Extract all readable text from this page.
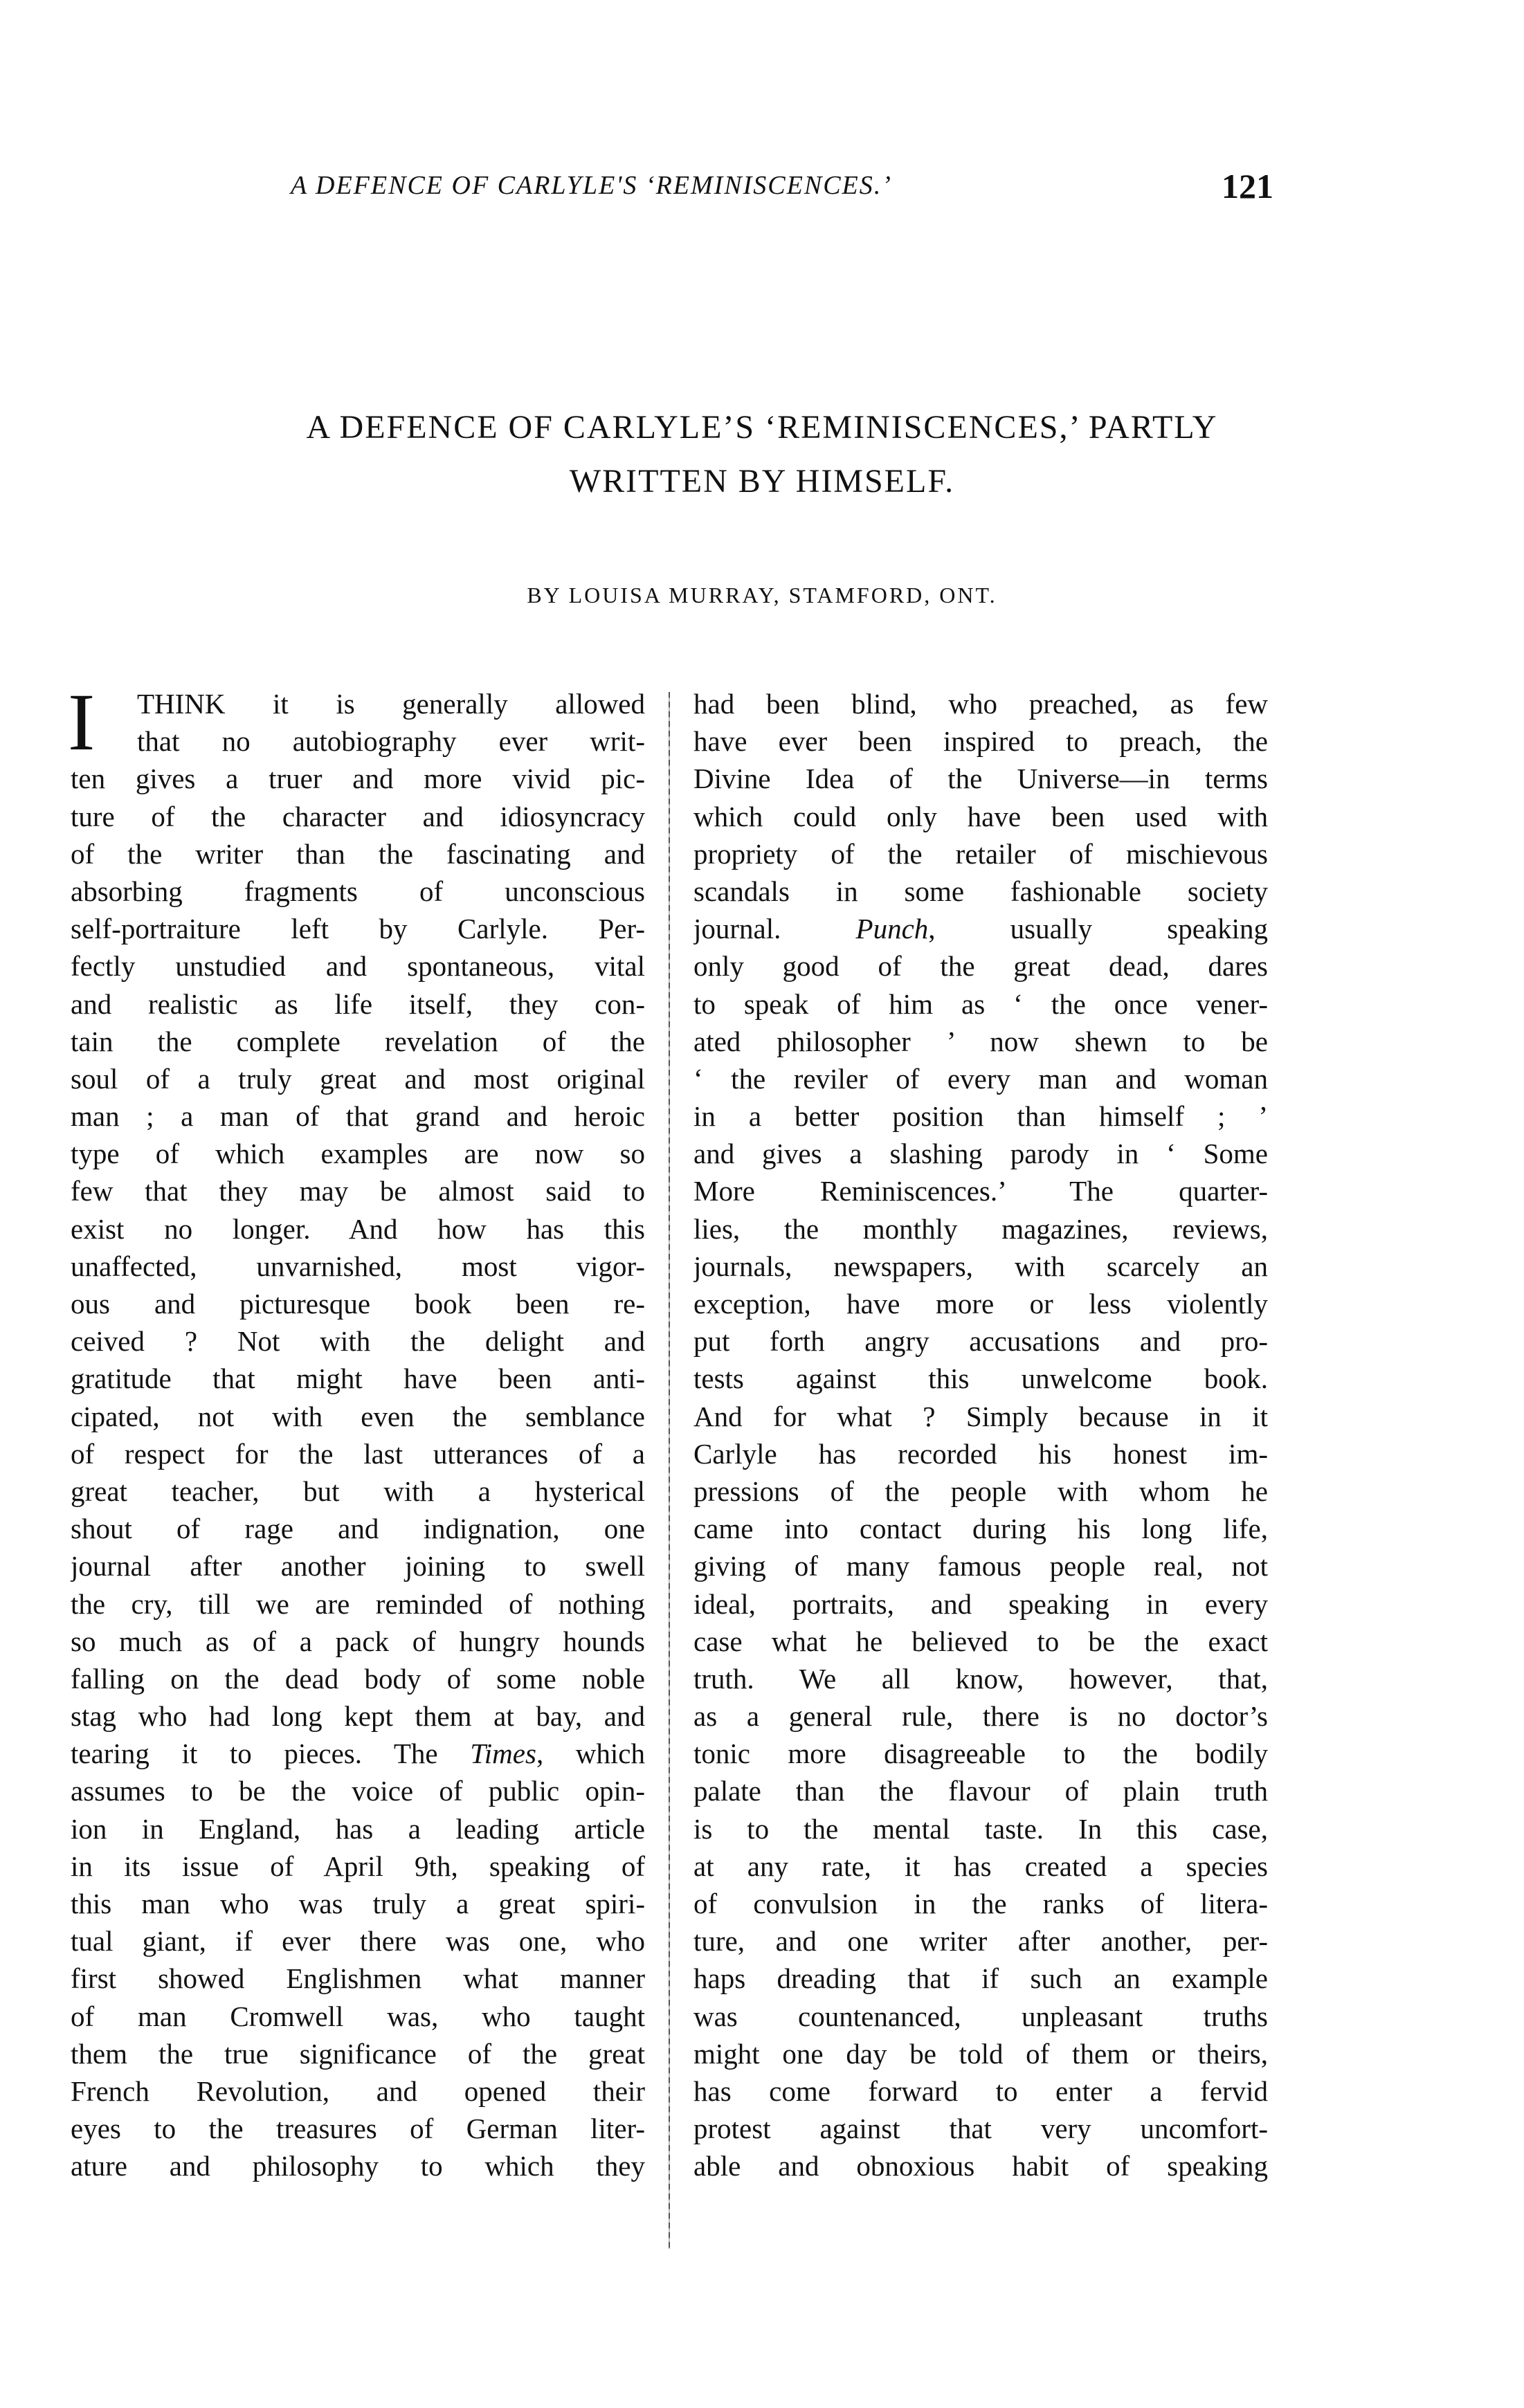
A DEFENCE OF CARLYLE'S ‘REMINISCENCES.’	121
A DEFENCE OF CARLYLE’S ‘REMINISCENCES,’ PARTLY
WRITTEN BY HIMSELF.
BY LOUISA MURRAY, STAMFORD, ONT.
I	THINK it is generally allowed
that no autobiography ever writ-
ten gives a truer and more vivid pic-
ture of the character and idiosyncracy
of the writer than the fascinating and
absorbing fragments of unconscious
self-portraiture left by Carlyle. Per-
fectly unstudied and spontaneous, vital
and realistic as life itself, they con-
tain the complete revelation of the
soul of a truly great and most original
man ; a man of that grand and heroic
type of which examples are now so
few that they may be almost said to
exist no longer. And how has this
unaffected, unvarnished, most vigor-
ous and picturesque book been re-
ceived ? Not with the delight and
gratitude that might have been anti-
cipated, not with even the semblance
of respect for the last utterances of a
great teacher, but with a hysterical
shout of rage and indignation, one
journal after another joining to swell
the cry, till we are reminded of nothing
so much as of a pack of hungry hounds
falling on the dead body of some noble
stag who had long kept them at bay, and
tearing it to pieces. The Times, which
assumes to be the voice of public opin-
ion in England, has a leading article
in its issue of April 9th, speaking of
this man who was truly a great spiri-
tual giant, if ever there was one, who
first showed Englishmen what manner
of man Cromwell was, who taught
them the true significance of the great
French Revolution, and opened their
eyes to the treasures of German liter-
ature and philosophy to which they
had been blind, who preached, as few
have ever been inspired to preach, the
Divine Idea of the Universe—in terms
which could only have been used with
propriety of the retailer of mischievous
scandals in some fashionable society
journal.	Punch, usually speaking
only good of the great dead, dares
to speak of him as ‘ the once vener-
ated philosopher ’ now shewn to be
‘ the reviler of every man and woman
in a better position than himself ; ’
and gives a slashing parody in ‘ Some
More Reminiscences.’ The quarter-
lies, the monthly magazines, reviews,
journals, newspapers, with scarcely an
exception, have more or less violently
put forth angry accusations and pro-
tests against this unwelcome book.
And for what ? Simply because in it
Carlyle has recorded his honest im-
pressions of the people with whom he
came into contact during his long life,
giving of many famous people real, not
ideal, portraits, and speaking in every
case what he believed to be the exact
truth. We all know, however, that,
as a general rule, there is no doctor’s
tonic more disagreeable to the bodily
palate than the flavour of plain truth
is to the mental taste. In this case,
at any rate, it has created a species
of convulsion in the ranks of litera-
ture, and one writer after another, per-
haps dreading that if such an example
was countenanced, unpleasant truths
might one day be told of them or theirs,
has come forward to enter a fervid
protest against that very uncomfort-
able and obnoxious habit of speaking
